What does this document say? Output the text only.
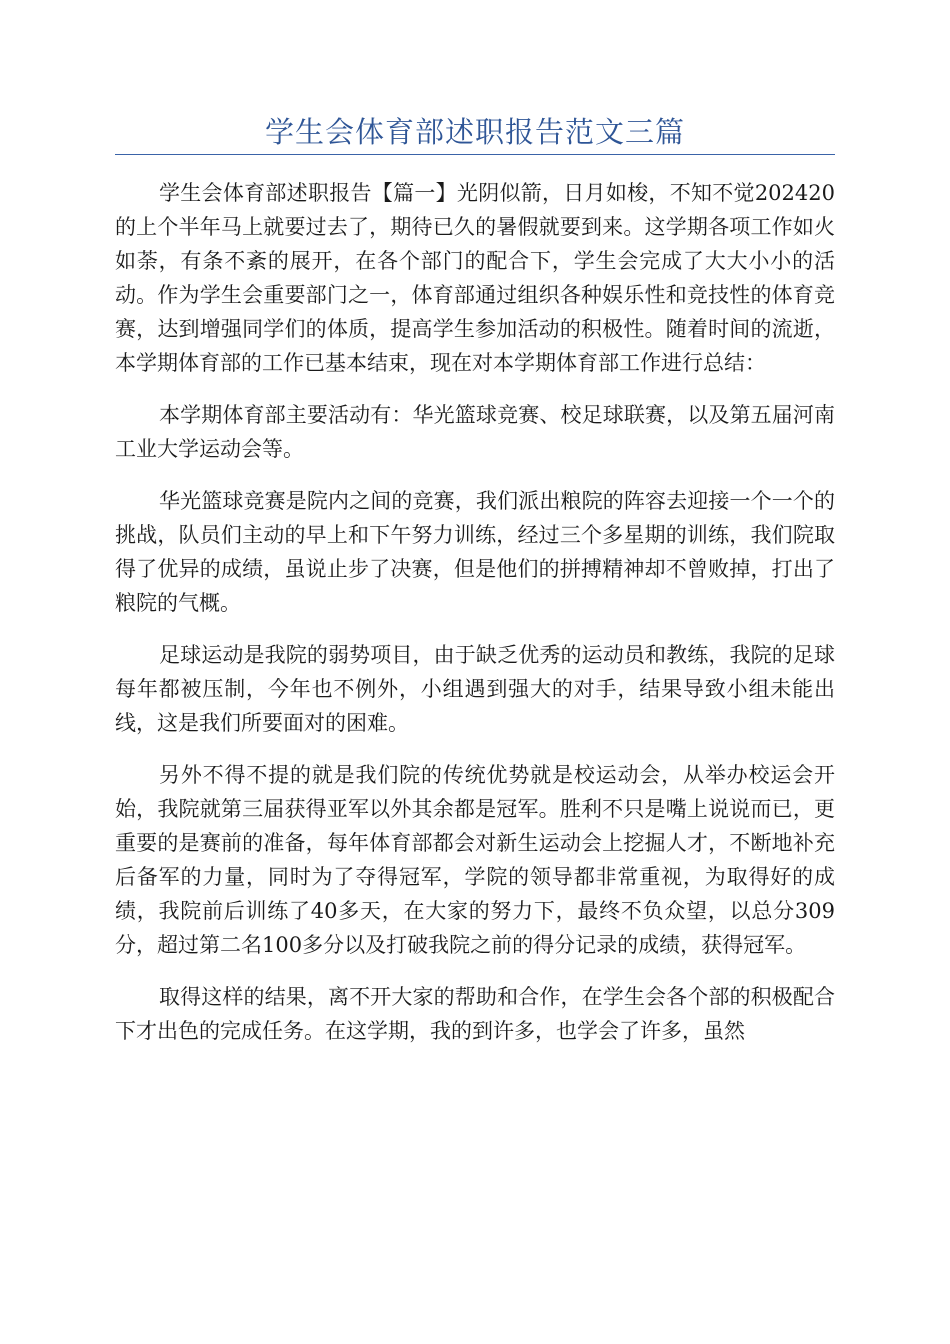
学生会体育部述职报告范文三篇

学生会体育部述职报告【篇一】光阴似箭，日月如梭，不知不觉202420的上个半年马上就要过去了，期待已久的暑假就要到来。这学期各项工作如火如荼，有条不紊的展开，在各个部门的配合下，学生会完成了大大小小的活动。作为学生会重要部门之一，体育部通过组织各种娱乐性和竞技性的体育竞赛，达到增强同学们的体质，提高学生参加活动的积极性。随着时间的流逝，本学期体育部的工作已基本结束，现在对本学期体育部工作进行总结：

本学期体育部主要活动有：华光篮球竞赛、校足球联赛，以及第五届河南工业大学运动会等。

华光篮球竞赛是院内之间的竞赛，我们派出粮院的阵容去迎接一个一个的挑战，队员们主动的早上和下午努力训练，经过三个多星期的训练，我们院取得了优异的成绩，虽说止步了决赛，但是他们的拼搏精神却不曾败掉，打出了粮院的气概。

足球运动是我院的弱势项目，由于缺乏优秀的运动员和教练，我院的足球每年都被压制，今年也不例外，小组遇到强大的对手，结果导致小组未能出线，这是我们所要面对的困难。

另外不得不提的就是我们院的传统优势就是校运动会，从举办校运会开始，我院就第三届获得亚军以外其余都是冠军。胜利不只是嘴上说说而已，更重要的是赛前的准备，每年体育部都会对新生运动会上挖掘人才，不断地补充后备军的力量，同时为了夺得冠军，学院的领导都非常重视，为取得好的成绩，我院前后训练了40多天，在大家的努力下，最终不负众望，以总分309分，超过第二名100多分以及打破我院之前的得分记录的成绩，获得冠军。

取得这样的结果，离不开大家的帮助和合作，在学生会各个部的积极配合下才出色的完成任务。在这学期，我的到许多，也学会了许多，虽然
